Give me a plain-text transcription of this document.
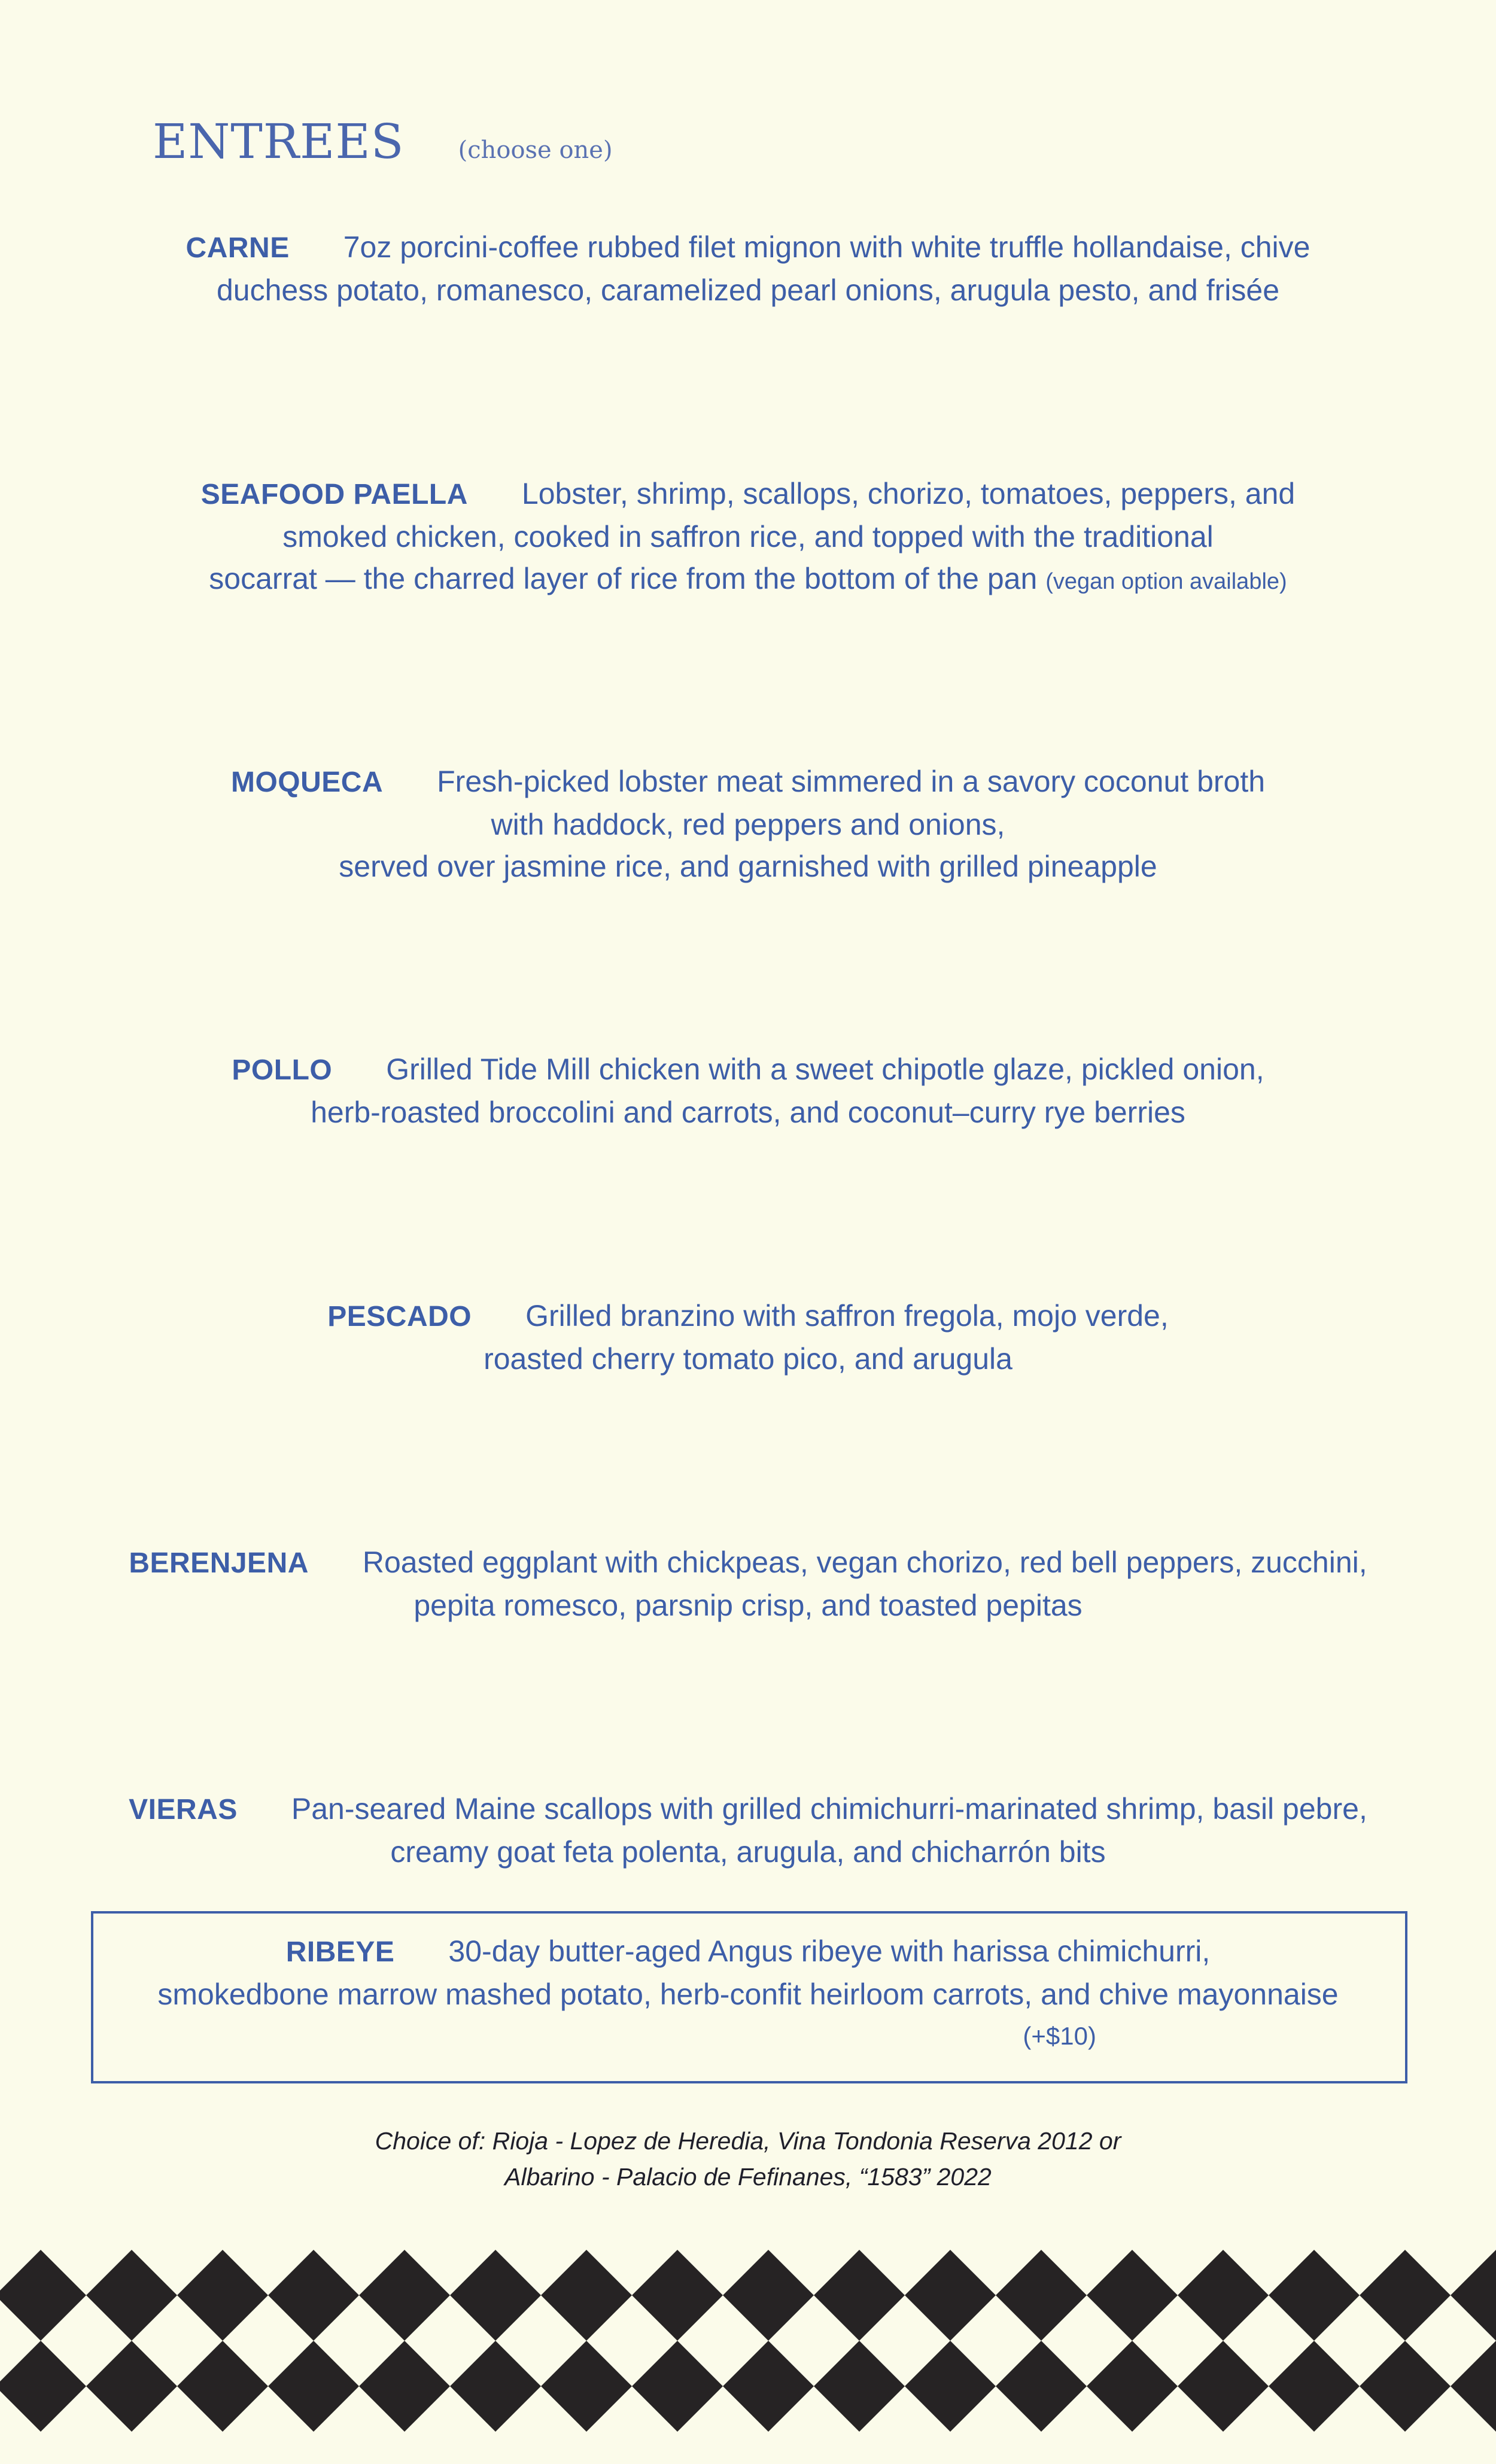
ENTREES (choose one)
CARNE 7oz porcini-coffee rubbed filet mignon with white truffle hollandaise, chive
duchess potato, romanesco, caramelized pearl onions, arugula pesto, and frisée
SEAFOOD PAELLA Lobster, shrimp, scallops, chorizo, tomatoes, peppers, and
smoked chicken, cooked in saffron rice, and topped with the traditional
socarrat — the charred layer of rice from the bottom of the pan (vegan option available)
MOQUECA Fresh-picked lobster meat simmered in a savory coconut broth
with haddock, red peppers and onions,
served over jasmine rice, and garnished with grilled pineapple
POLLO Grilled Tide Mill chicken with a sweet chipotle glaze, pickled onion,
herb-roasted broccolini and carrots, and coconut–curry rye berries
PESCADO Grilled branzino with saffron fregola, mojo verde,
roasted cherry tomato pico, and arugula
BERENJENA Roasted eggplant with chickpeas, vegan chorizo, red bell peppers, zucchini,
pepita romesco, parsnip crisp, and toasted pepitas
VIERAS Pan-seared Maine scallops with grilled chimichurri-marinated shrimp, basil pebre,
creamy goat feta polenta, arugula, and chicharrón bits
RIBEYE 30-day butter-aged Angus ribeye with harissa chimichurri,
smokedbone marrow mashed potato, herb-confit heirloom carrots, and chive mayonnaise
(+$10)
Choice of: Rioja - Lopez de Heredia, Vina Tondonia Reserva 2012 or
Albarino - Palacio de Fefinanes, “1583” 2022
